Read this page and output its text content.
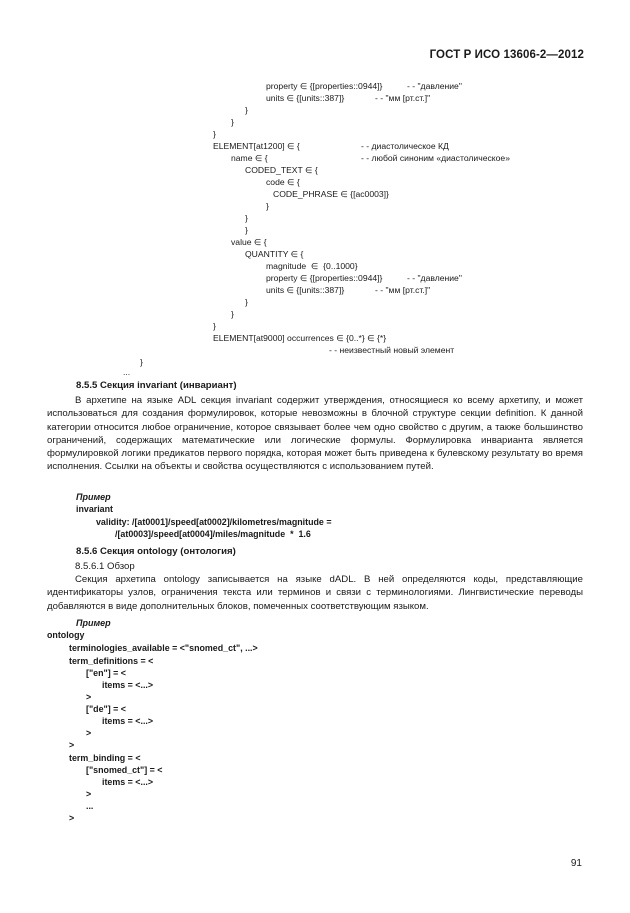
ГОСТ Р ИСО 13606-2—2012

property ∈ {[properties::0944]}

	- - "давление"

units ∈ {[units::387]}

	- - "мм [рт.ст.]"

}

}

}

ELEMENT[at1200] ∈ {

	- - диастолическое КД

name ∈ {

	- - любой синоним «диастолическое»

CODED_TEXT ∈ {

code ∈ {

CODE_PHRASE ∈ {[ac0003]}

}

}

}

value ∈ {

QUANTITY ∈ {

magnitude  ∈  {0..1000}

property ∈ {[properties::0944]}

	- - "давление"

units ∈ {[units::387]}

	- - "мм [рт.ст.]"

}

}

}

ELEMENT[at9000] occurrences ∈ {0..*} ∈ {*}

- - неизвестный новый элемент

}

...

8.5.5 Секция invariant (инвариант)

В архетипе на языке ADL секция invariant содержит утверждения, относящиеся ко всему архетипу, и может использоваться для создания формулировок, которые невозможны в блочной структуре секции definition. К данной категории относится любое ограничение, которое связывает более чем одно свойство с другим, а также большинство ограничений, содержащих математические или логические формулы. Формулировка инварианта является формулировкой логики предикатов первого порядка, которая может быть приведена к булевскому результату во время исполнения. Ссылки на объекты и свойства осуществляются с использованием путей.

Пример
invariant
validity: /[at0001]/speed[at0002]/kilometres/magnitude =
/[at0003]/speed[at0004]/miles/magnitude  *  1.6
8.5.6 Секция ontology (онтология)

8.5.6.1 Обзор

Секция архетипа ontology записывается на языке dADL. В ней определяются коды, представляющие идентификаторы узлов, ограничения текста или терминов и связи с терминологиями. Лингвистические переводы добавляются в виде дополнительных блоков, помеченных соответствующим языком.

Пример
ontology
terminologies_available = <"snomed_ct", ...>
term_definitions = <
["en"] = <
items = <...>
>
["de"] = <
items = <...>
>
>
term_binding = <
["snomed_ct"] = <
items = <...>
>
...
>
91
